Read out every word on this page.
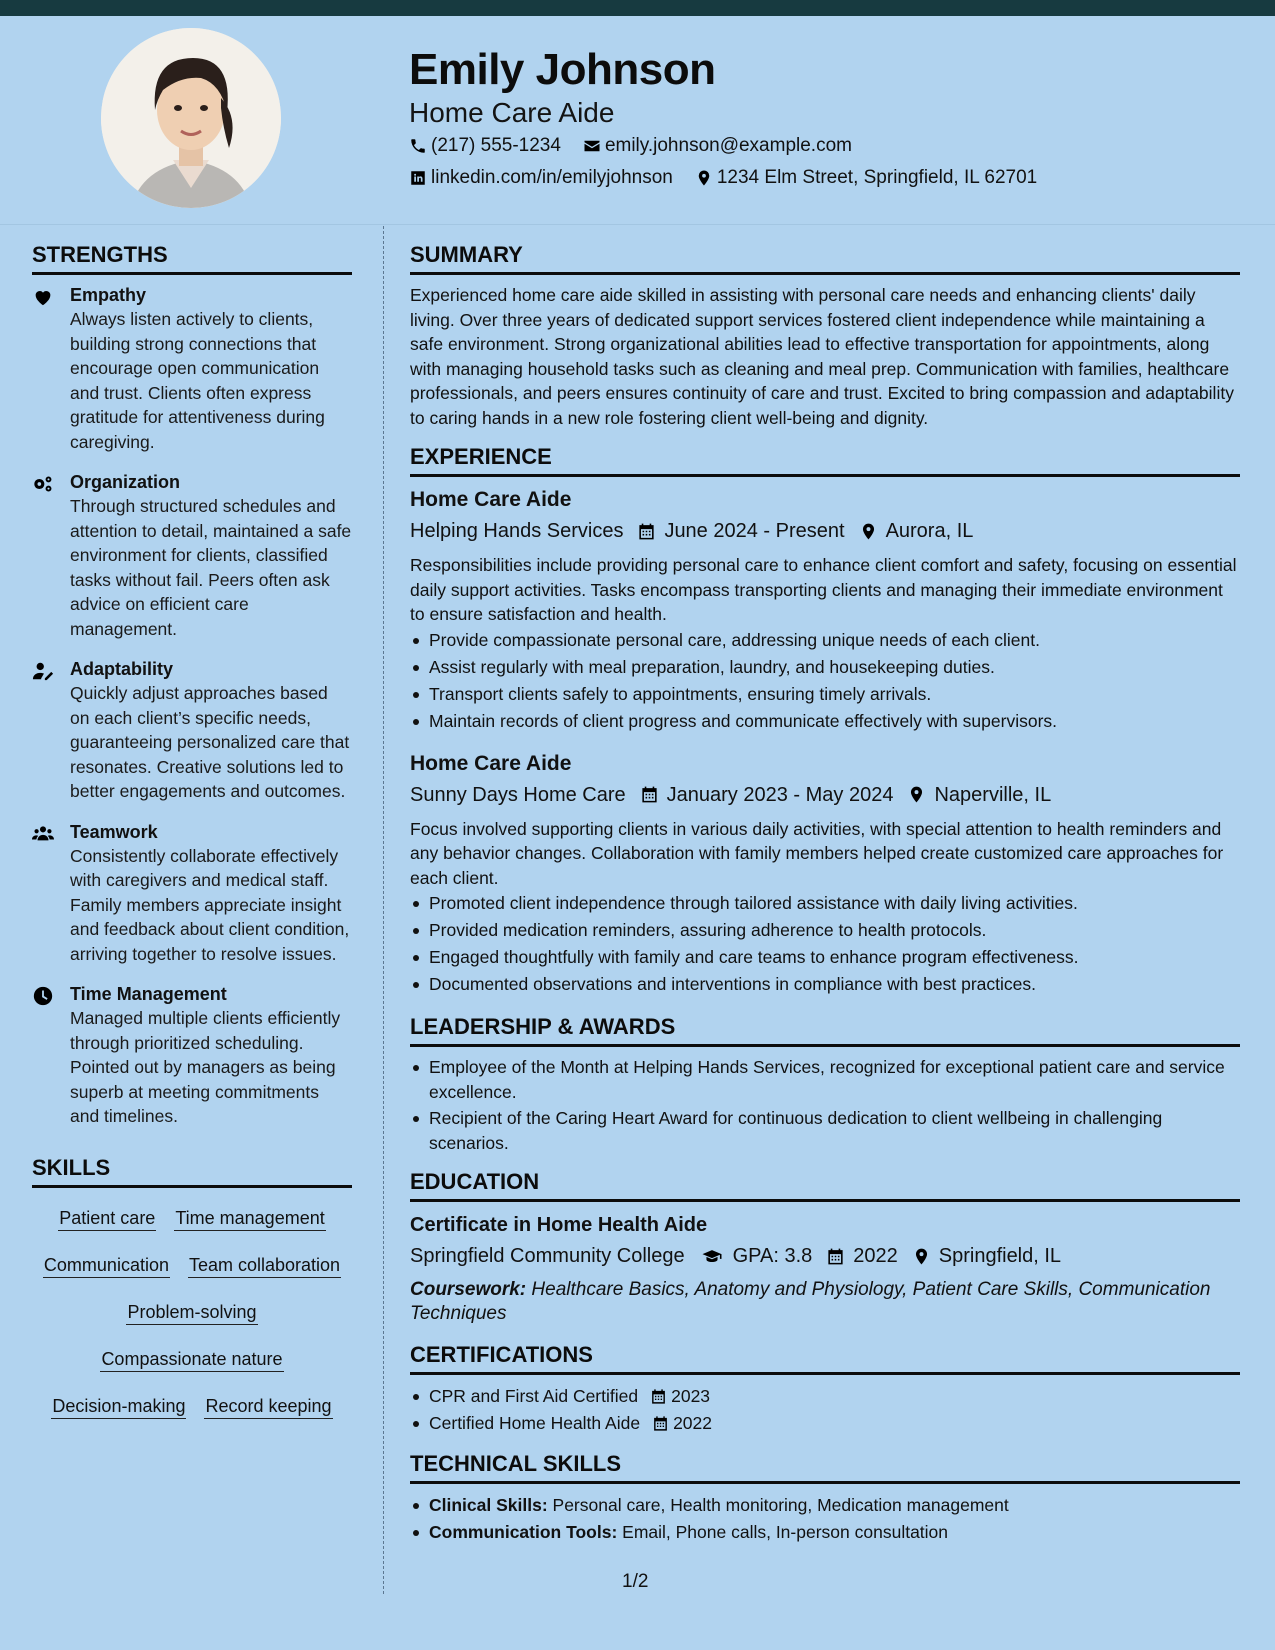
Emily Johnson
Home Care Aide
(217) 555-1234 emily.johnson@example.com
linkedin.com/in/emilyjohnson 1234 Elm Street, Springfield, IL 62701
STRENGTHS
Empathy
Always listen actively to clients, building strong connections that encourage open communication and trust. Clients often express gratitude for attentiveness during caregiving.
Organization
Through structured schedules and attention to detail, maintained a safe environment for clients, classified tasks without fail. Peers often ask advice on efficient care management.
Adaptability
Quickly adjust approaches based on each client’s specific needs, guaranteeing personalized care that resonates. Creative solutions led to better engagements and outcomes.
Teamwork
Consistently collaborate effectively with caregivers and medical staff. Family members appreciate insight and feedback about client condition, arriving together to resolve issues.
Time Management
Managed multiple clients efficiently through prioritized scheduling. Pointed out by managers as being superb at meeting commitments and timelines.
SKILLS
Patient care Time management
Communication Team collaboration
Problem-solving
Compassionate nature
Decision-making Record keeping
SUMMARY
Experienced home care aide skilled in assisting with personal care needs and enhancing clients' daily living. Over three years of dedicated support services fostered client independence while maintaining a safe environment. Strong organizational abilities lead to effective transportation for appointments, along with managing household tasks such as cleaning and meal prep. Communication with families, healthcare professionals, and peers ensures continuity of care and trust. Excited to bring compassion and adaptability to caring hands in a new role fostering client well-being and dignity.
EXPERIENCE
Home Care Aide
Helping Hands Services June 2024 - Present Aurora, IL
Responsibilities include providing personal care to enhance client comfort and safety, focusing on essential daily support activities. Tasks encompass transporting clients and managing their immediate environment to ensure satisfaction and health.
Provide compassionate personal care, addressing unique needs of each client.
Assist regularly with meal preparation, laundry, and housekeeping duties.
Transport clients safely to appointments, ensuring timely arrivals.
Maintain records of client progress and communicate effectively with supervisors.
Home Care Aide
Sunny Days Home Care January 2023 - May 2024 Naperville, IL
Focus involved supporting clients in various daily activities, with special attention to health reminders and any behavior changes. Collaboration with family members helped create customized care approaches for each client.
Promoted client independence through tailored assistance with daily living activities.
Provided medication reminders, assuring adherence to health protocols.
Engaged thoughtfully with family and care teams to enhance program effectiveness.
Documented observations and interventions in compliance with best practices.
LEADERSHIP & AWARDS
Employee of the Month at Helping Hands Services, recognized for exceptional patient care and service excellence.
Recipient of the Caring Heart Award for continuous dedication to client wellbeing in challenging scenarios.
EDUCATION
Certificate in Home Health Aide
Springfield Community College GPA: 3.8 2022 Springfield, IL
Coursework: Healthcare Basics, Anatomy and Physiology, Patient Care Skills, Communication Techniques
CERTIFICATIONS
CPR and First Aid Certified 2023
Certified Home Health Aide 2022
TECHNICAL SKILLS
Clinical Skills: Personal care, Health monitoring, Medication management
Communication Tools: Email, Phone calls, In-person consultation
1/2
